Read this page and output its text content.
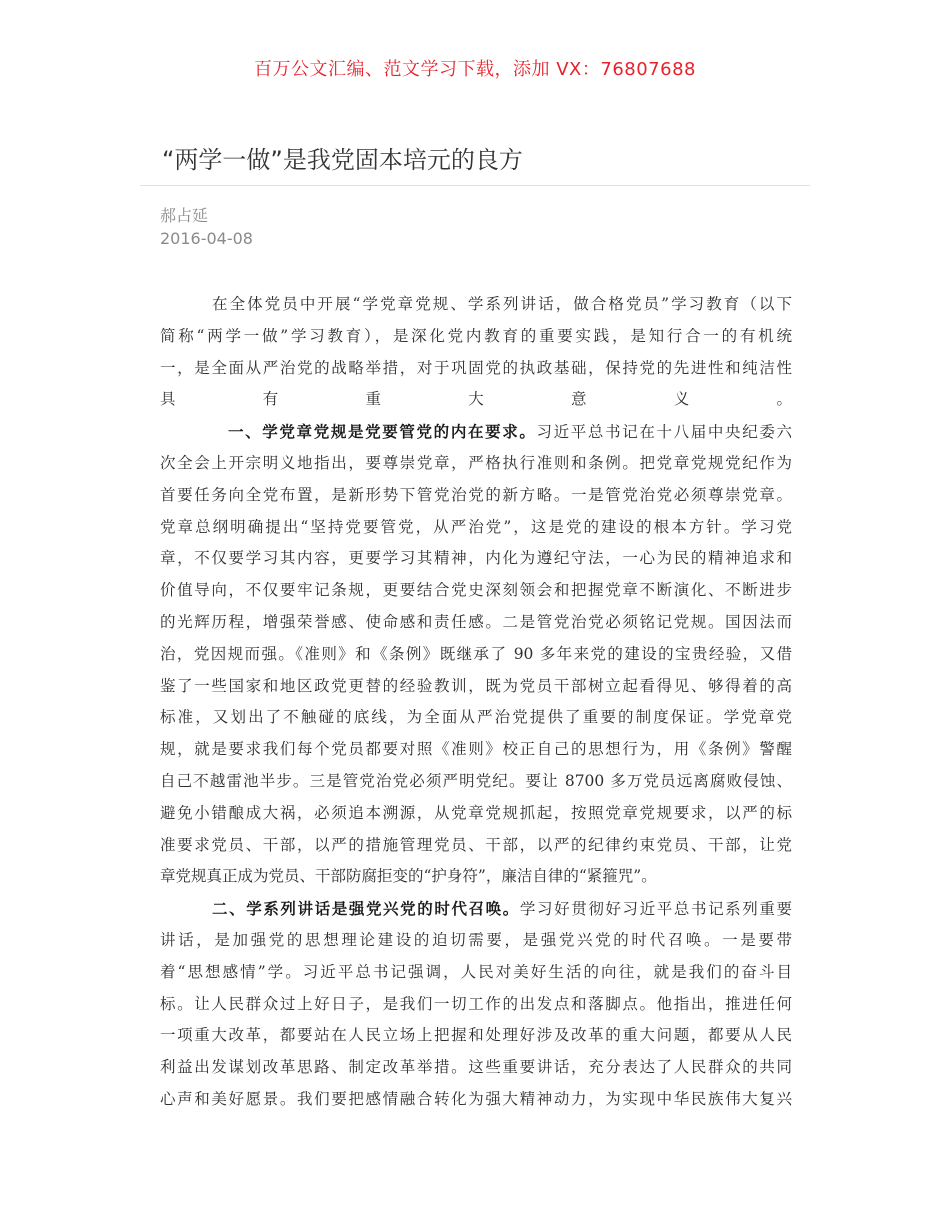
百万公文汇编、范文学习下载，添加 VX：76807688
“两学一做”是我党固本培元的良方
郝占延
2016-04-08
在全体党员中开展“学党章党规、学系列讲话，做合格党员”学习教育（以下
简称“两学一做”学习教育），是深化党内教育的重要实践，是知行合一的有机统
一，是全面从严治党的战略举措，对于巩固党的执政基础，保持党的先进性和纯洁性
具有重大意义。
一、学党章党规是党要管党的内在要求。习近平总书记在十八届中央纪委六
次全会上开宗明义地指出，要尊崇党章，严格执行准则和条例。把党章党规党纪作为
首要任务向全党布置，是新形势下管党治党的新方略。一是管党治党必须尊崇党章。
党章总纲明确提出“坚持党要管党，从严治党”，这是党的建设的根本方针。学习党
章，不仅要学习其内容，更要学习其精神，内化为遵纪守法，一心为民的精神追求和
价值导向，不仅要牢记条规，更要结合党史深刻领会和把握党章不断演化、不断进步
的光辉历程，增强荣誉感、使命感和责任感。二是管党治党必须铭记党规。国因法而
治，党因规而强。《准则》和《条例》既继承了 90 多年来党的建设的宝贵经验，又借
鉴了一些国家和地区政党更替的经验教训，既为党员干部树立起看得见、够得着的高
标准，又划出了不触碰的底线，为全面从严治党提供了重要的制度保证。学党章党
规，就是要求我们每个党员都要对照《准则》校正自己的思想行为，用《条例》警醒
自己不越雷池半步。三是管党治党必须严明党纪。要让 8700 多万党员远离腐败侵蚀、
避免小错酿成大祸，必须追本溯源，从党章党规抓起，按照党章党规要求，以严的标
准要求党员、干部，以严的措施管理党员、干部，以严的纪律约束党员、干部，让党
章党规真正成为党员、干部防腐拒变的“护身符”，廉洁自律的“紧箍咒”。
二、学系列讲话是强党兴党的时代召唤。学习好贯彻好习近平总书记系列重要
讲话，是加强党的思想理论建设的迫切需要，是强党兴党的时代召唤。一是要带
着“思想感情”学。习近平总书记强调，人民对美好生活的向往，就是我们的奋斗目
标。让人民群众过上好日子，是我们一切工作的出发点和落脚点。他指出，推进任何
一项重大改革，都要站在人民立场上把握和处理好涉及改革的重大问题，都要从人民
利益出发谋划改革思路、制定改革举措。这些重要讲话，充分表达了人民群众的共同
心声和美好愿景。我们要把感情融合转化为强大精神动力，为实现中华民族伟大复兴
